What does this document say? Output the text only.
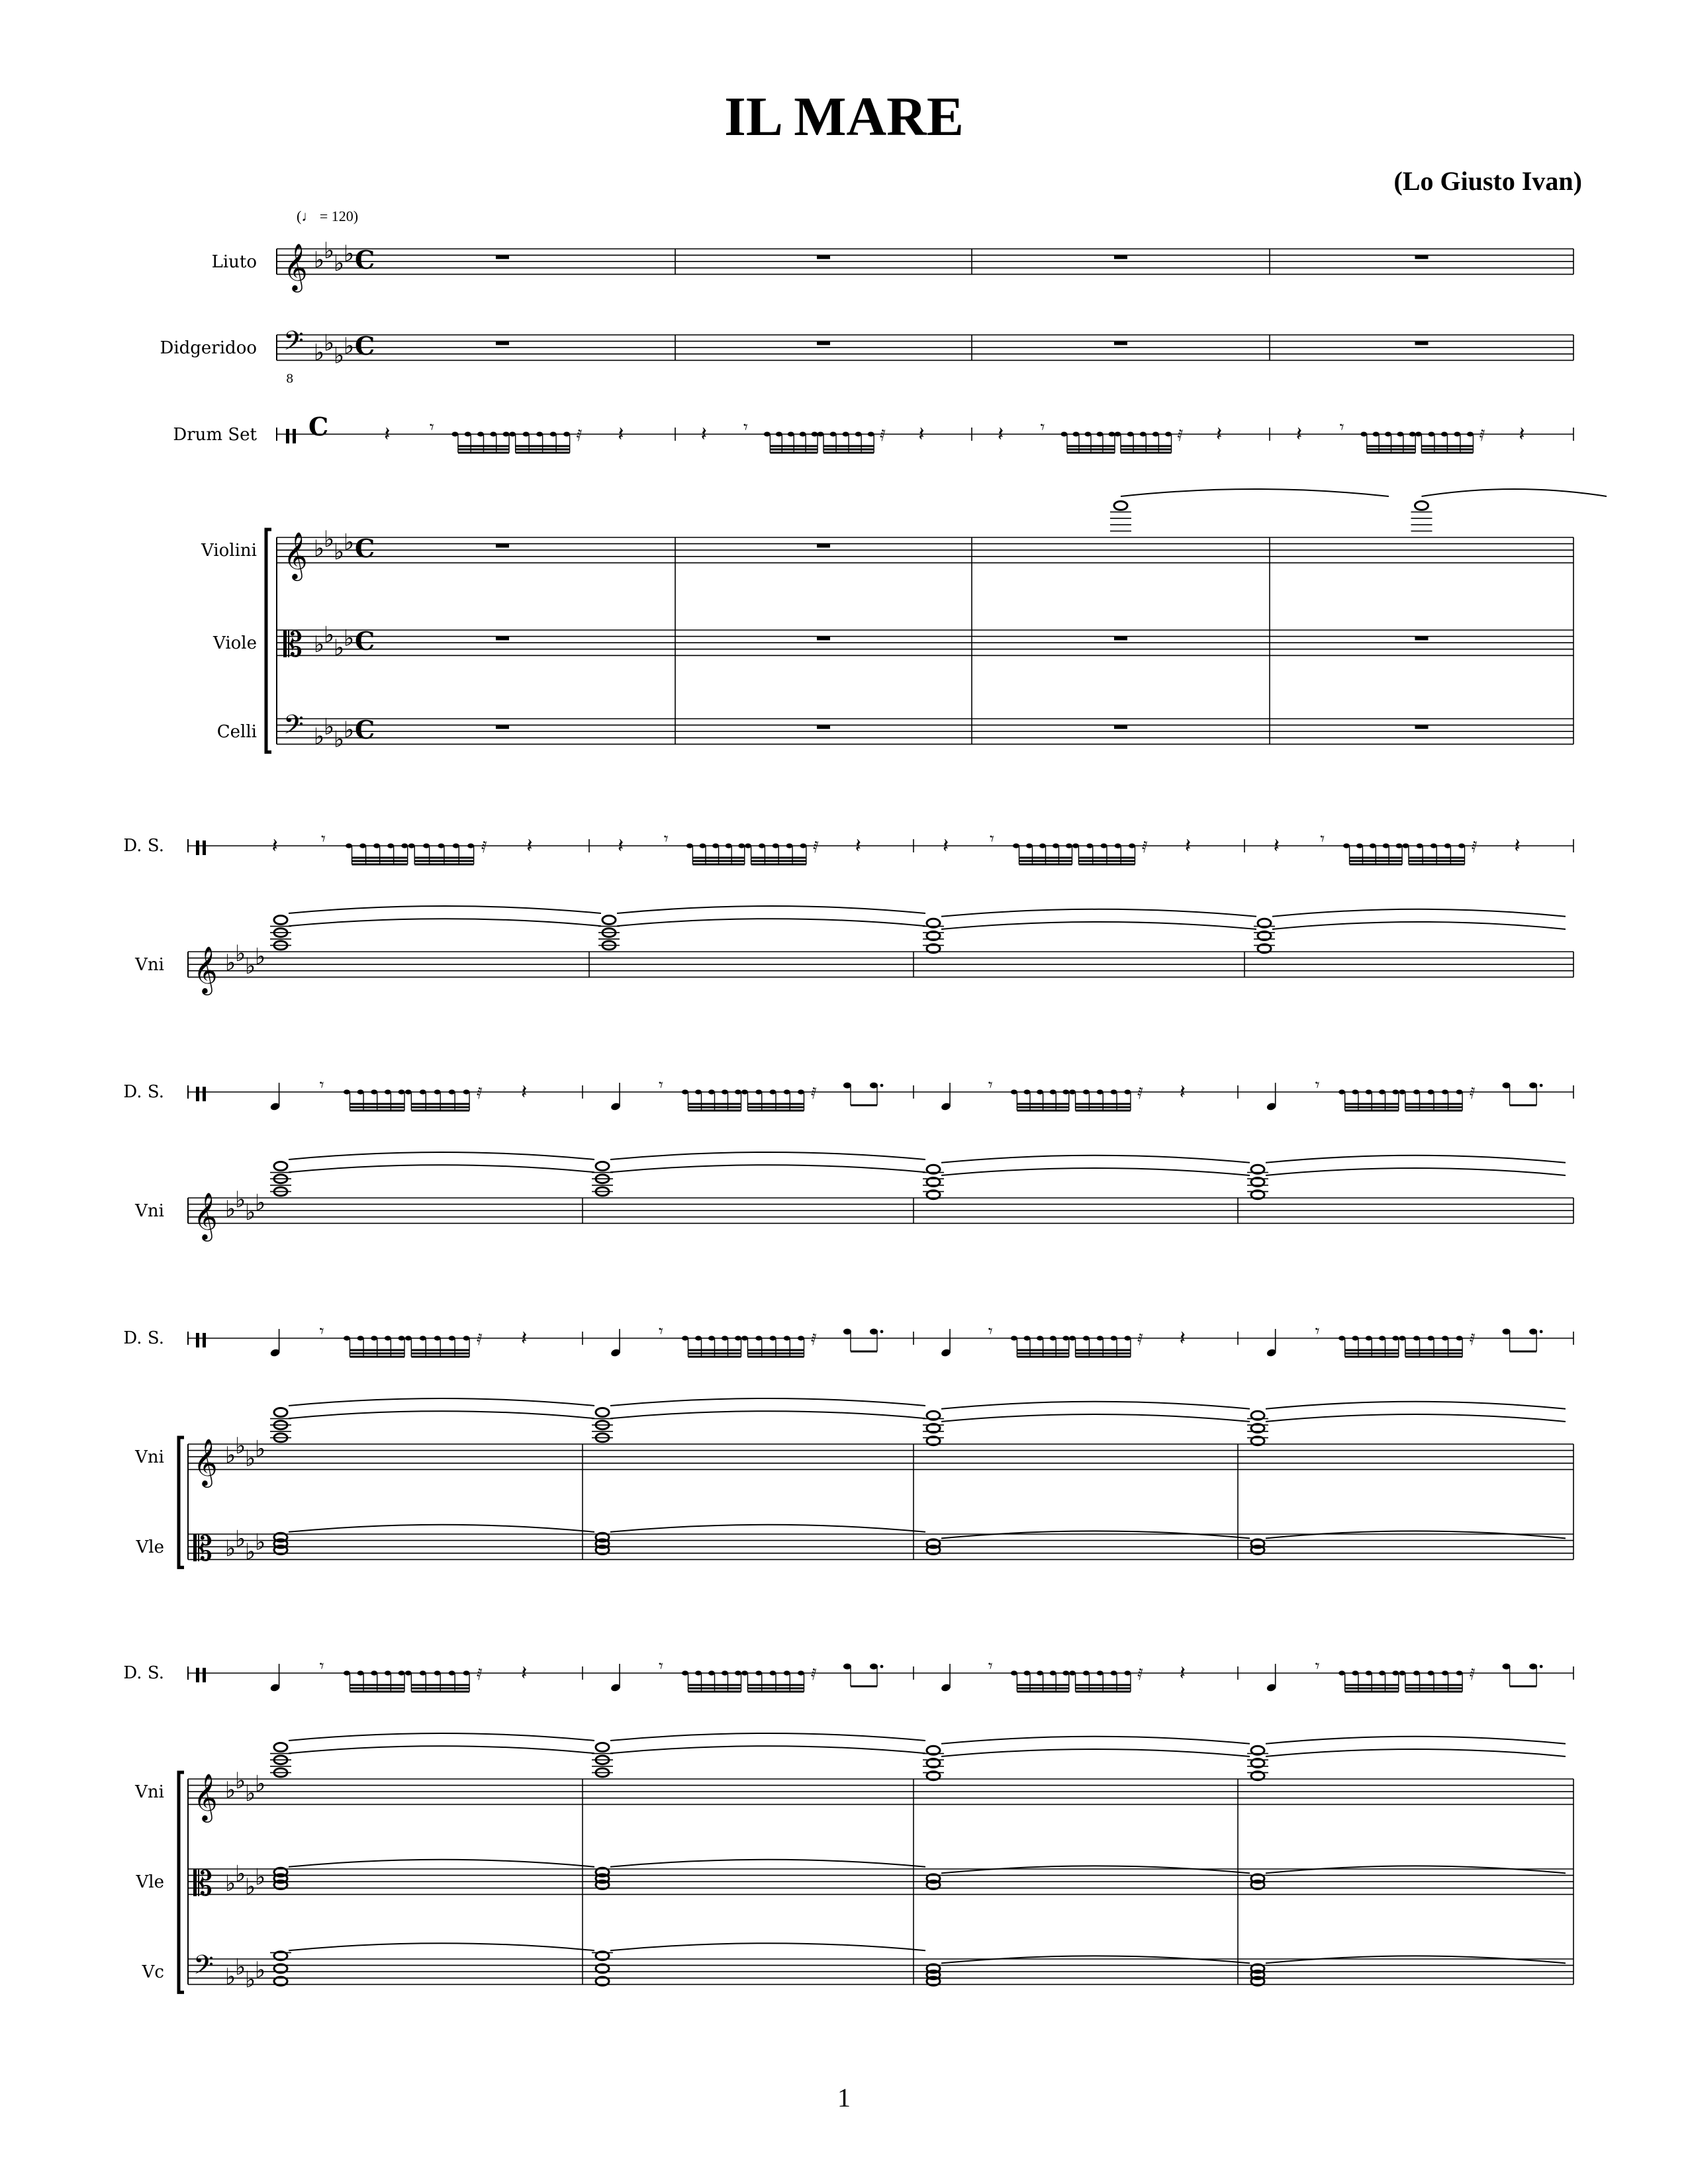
IL MARE
(Lo Giusto Ivan)
(♩ = 120)
1
Liuto 𝄞 ♭
♭
♭
♭ C
Didgeridoo 𝄢
8
♭
♭
♭
♭ C
Drum Set C
Violini 𝄞 ♭
♭
♭
♭ C
Viole 𝄡 ♭
♭
♭
♭ C
Celli 𝄢 ♭
♭
♭
♭ C
𝄽 𝄾	𝅀 𝄽	𝄽 𝄾	𝅀 𝄽	𝄽 𝄾	𝅀 𝄽	𝄽 𝄾	𝅀 𝄽
D. S.
𝄞 ♭
♭
♭
♭
Vni
𝄽	𝄾	𝅀 𝄽	𝄽 𝄾	𝅀 𝄽	𝄽 𝄾	𝅀 𝄽	𝄽 𝄾	𝅀 𝄽
D. S.
𝄞 ♭
♭
♭
♭
Vni
𝄾	𝅀 𝄽	𝄾	𝅀	𝄾	𝅀 𝄽	𝄾	𝅀
D. S.
𝄞 ♭
♭
♭
♭
Vni
𝄡 ♭
♭
♭
♭
Vle
𝄾	𝅀 𝄽	𝄾	𝅀	𝄾	𝅀 𝄽	𝄾	𝅀
D. S.
𝄞 ♭
♭
♭
♭
Vni
𝄡 ♭
♭
♭
♭
Vle
𝄢 ♭
♭
♭
♭
Vc
𝄾	𝅀 𝄽	𝄾	𝅀	𝄾	𝅀 𝄽	𝄾	𝅀
